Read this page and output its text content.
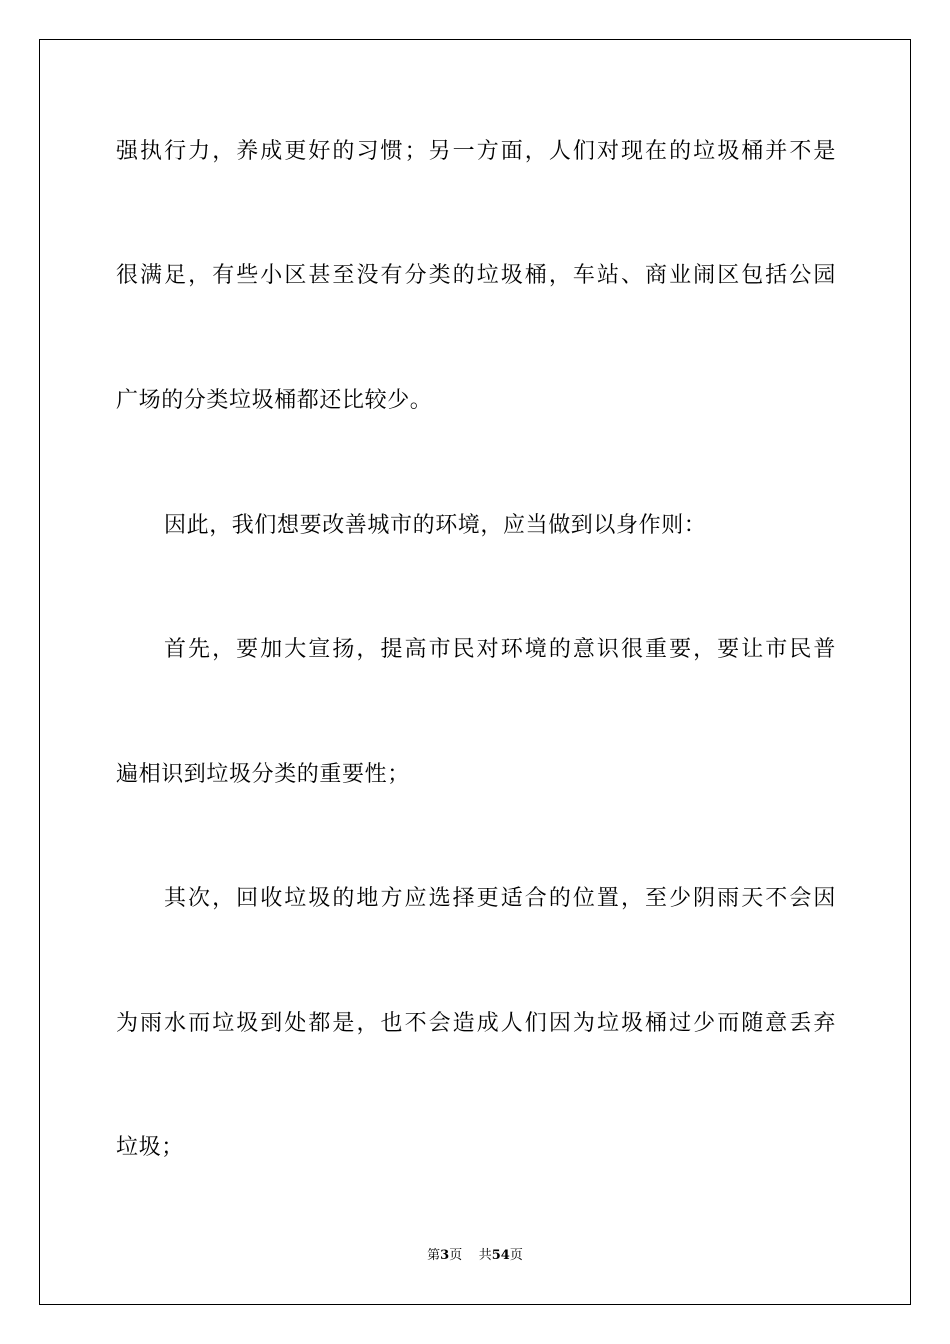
强执行力，养成更好的习惯；另一方面，人们对现在的垃圾桶并不是
很满足，有些小区甚至没有分类的垃圾桶，车站、商业闹区包括公园
广场的分类垃圾桶都还比较少。
因此，我们想要改善城市的环境，应当做到以身作则：
首先，要加大宣扬，提高市民对环境的意识很重要，要让市民普
遍相识到垃圾分类的重要性；
其次，回收垃圾的地方应选择更适合的位置，至少阴雨天不会因
为雨水而垃圾到处都是，也不会造成人们因为垃圾桶过少而随意丢弃
垃圾；
第3页 共54页
